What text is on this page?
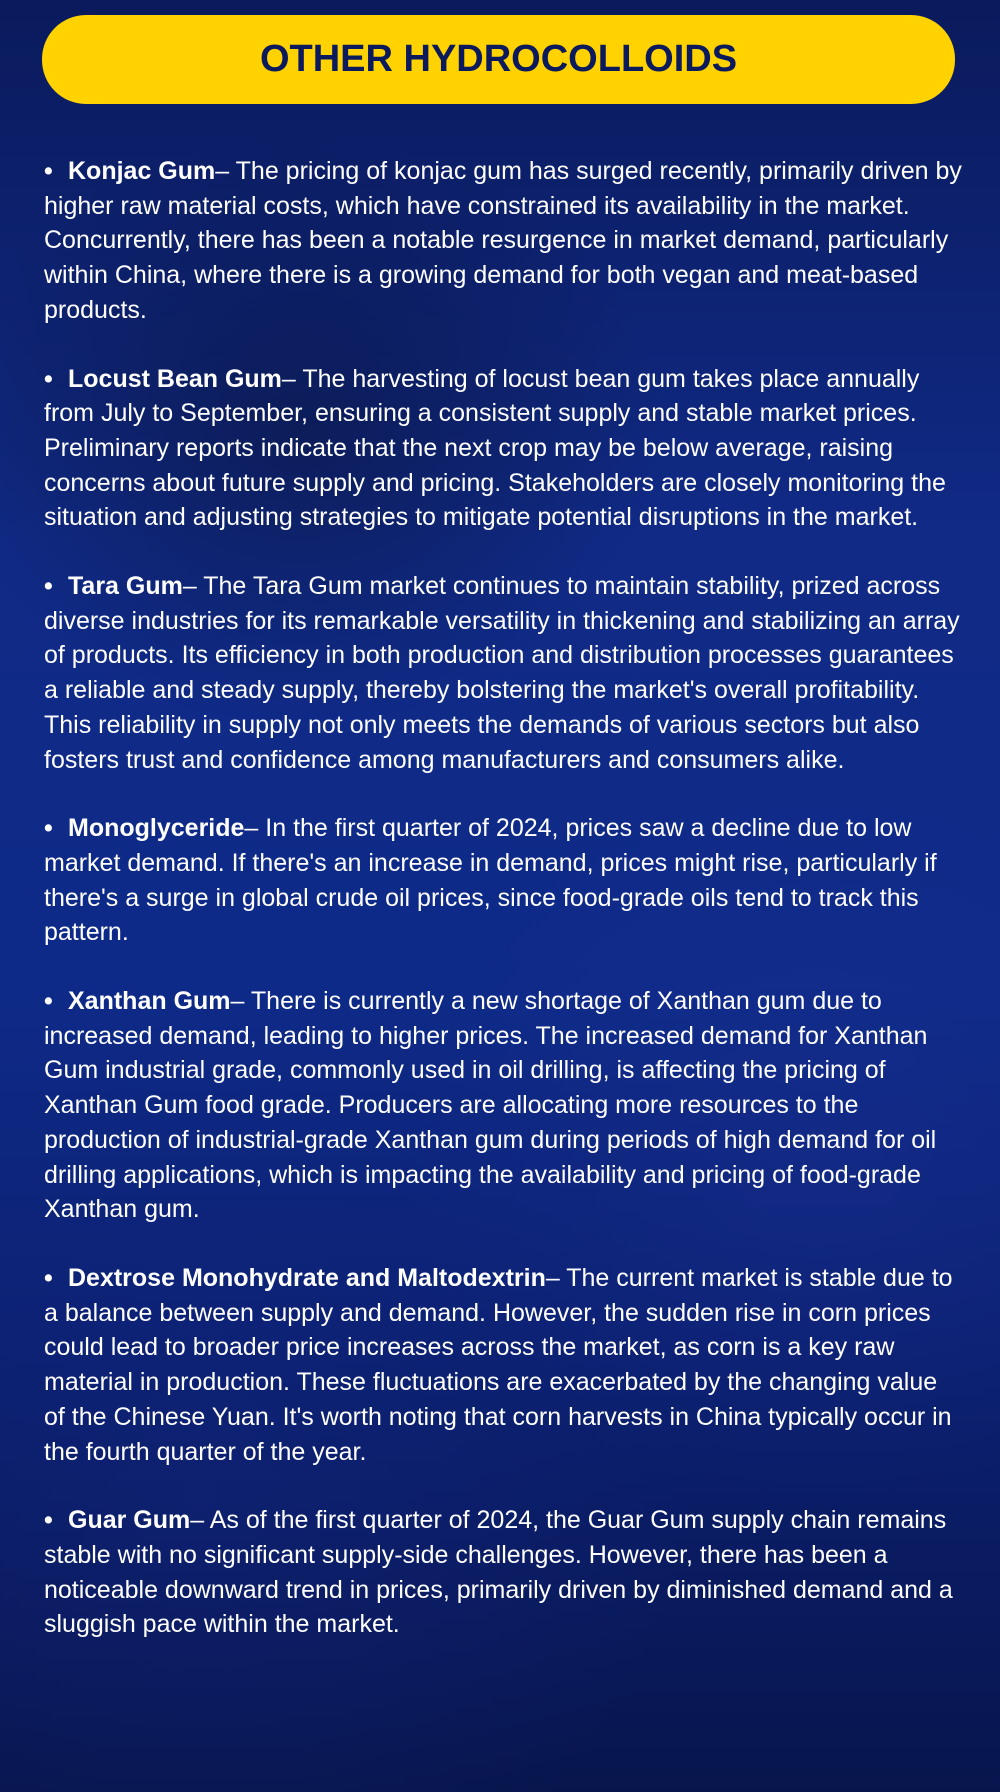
OTHER HYDROCOLLOIDS

• Konjac Gum– The pricing of konjac gum has surged recently, primarily driven by higher raw material costs, which have constrained its availability in the market. Concurrently, there has been a notable resurgence in market demand, particularly within China, where there is a growing demand for both vegan and meat-based products.

• Locust Bean Gum– The harvesting of locust bean gum takes place annually from July to September, ensuring a consistent supply and stable market prices. Preliminary reports indicate that the next crop may be below average, raising concerns about future supply and pricing. Stakeholders are closely monitoring the situation and adjusting strategies to mitigate potential disruptions in the market.

• Tara Gum– The Tara Gum market continues to maintain stability, prized across diverse industries for its remarkable versatility in thickening and stabilizing an array of products. Its efficiency in both production and distribution processes guarantees a reliable and steady supply, thereby bolstering the market's overall profitability. This reliability in supply not only meets the demands of various sectors but also fosters trust and confidence among manufacturers and consumers alike.

• Monoglyceride– In the first quarter of 2024, prices saw a decline due to low market demand. If there's an increase in demand, prices might rise, particularly if there's a surge in global crude oil prices, since food-grade oils tend to track this pattern.

• Xanthan Gum– There is currently a new shortage of Xanthan gum due to increased demand, leading to higher prices. The increased demand for Xanthan Gum industrial grade, commonly used in oil drilling, is affecting the pricing of Xanthan Gum food grade. Producers are allocating more resources to the production of industrial-grade Xanthan gum during periods of high demand for oil drilling applications, which is impacting the availability and pricing of food-grade Xanthan gum.

• Dextrose Monohydrate and Maltodextrin– The current market is stable due to a balance between supply and demand. However, the sudden rise in corn prices could lead to broader price increases across the market, as corn is a key raw material in production. These fluctuations are exacerbated by the changing value of the Chinese Yuan. It's worth noting that corn harvests in China typically occur in the fourth quarter of the year.

• Guar Gum– As of the first quarter of 2024, the Guar Gum supply chain remains stable with no significant supply-side challenges. However, there has been a noticeable downward trend in prices, primarily driven by diminished demand and a sluggish pace within the market.
